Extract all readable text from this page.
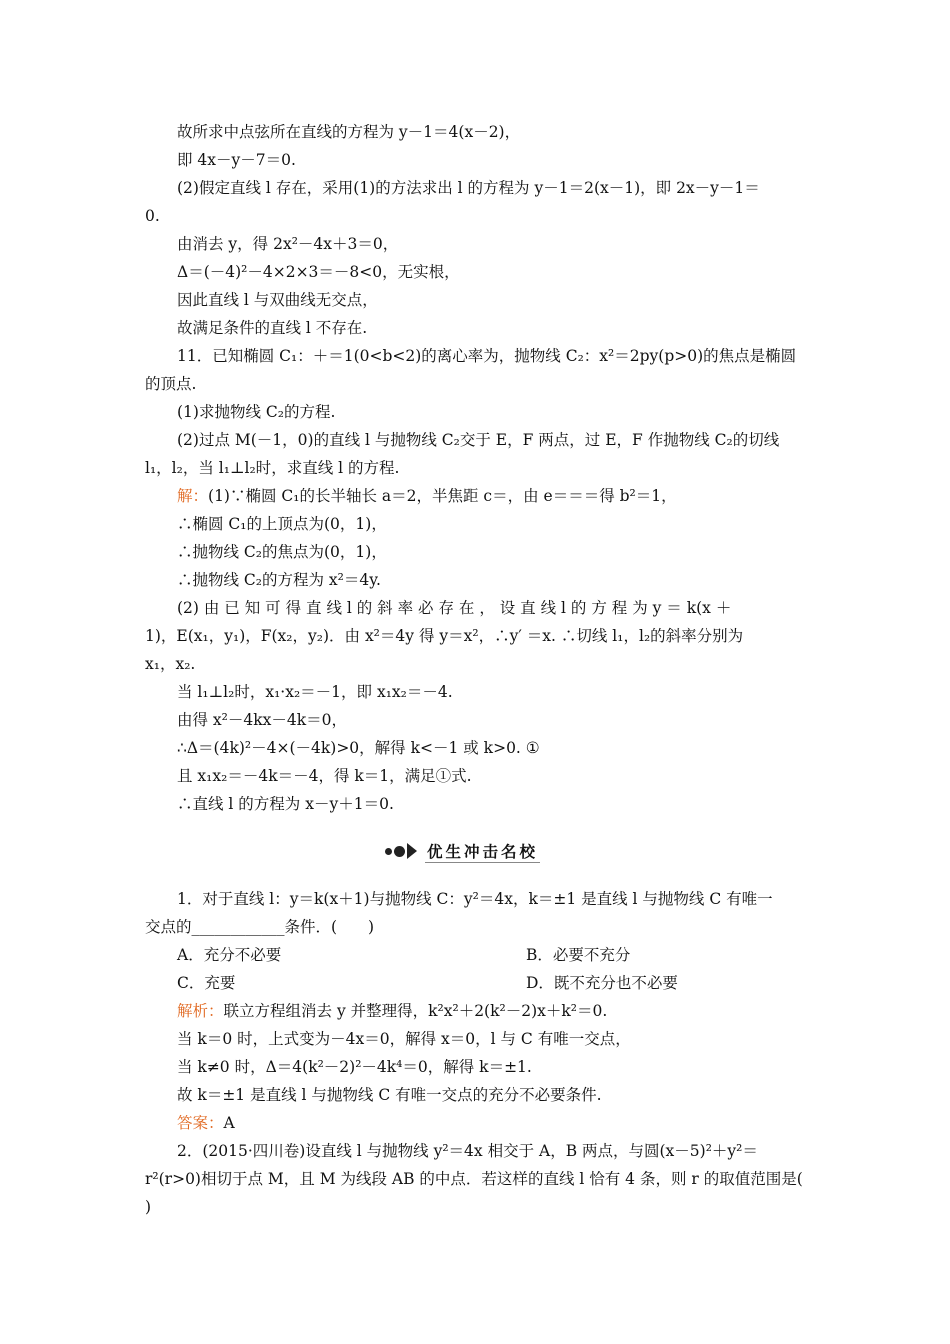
故所求中点弦所在直线的方程为 y－1＝4(x－2)，
即 4x－y－7＝0.
(2)假定直线 l 存在，采用(1)的方法求出 l 的方程为 y－1＝2(x－1)，即 2x－y－1＝
0.
由消去 y，得 2x²－4x＋3＝0，
Δ＝(－4)²－4×2×3＝－8<0，无实根，
因此直线 l 与双曲线无交点，
故满足条件的直线 l 不存在.
11．已知椭圆 C₁：＋＝1(0<b<2)的离心率为，抛物线 C₂：x²＝2py(p>0)的焦点是椭圆
的顶点.
(1)求抛物线 C₂的方程.
(2)过点 M(－1，0)的直线 l 与抛物线 C₂交于 E，F 两点，过 E，F 作抛物线 C₂的切线
l₁，l₂，当 l₁⊥l₂时，求直线 l 的方程.
解：(1)∵椭圆 C₁的长半轴长 a＝2，半焦距 c＝，由 e＝＝＝得 b²＝1，
∴椭圆 C₁的上顶点为(0，1)，
∴抛物线 C₂的焦点为(0，1)，
∴抛物线 C₂的方程为 x²＝4y.
(2) 由 已 知 可 得 直 线 l 的 斜 率 必 存 在 ， 设 直 线 l 的 方 程 为 y ＝ k(x ＋
1)，E(x₁，y₁)，F(x₂，y₂)．由 x²＝4y 得 y＝x²，∴y′ ＝x. ∴切线 l₁，l₂的斜率分别为
x₁，x₂.
当 l₁⊥l₂时，x₁·x₂＝－1，即 x₁x₂＝－4.
由得 x²－4kx－4k＝0，
∴Δ＝(4k)²－4×(－4k)>0，解得 k<－1 或 k>0. ①
且 x₁x₂＝－4k＝－4，得 k＝1，满足①式.
∴直线 l 的方程为 x－y＋1＝0.
优生冲击名校
1．对于直线 l：y＝k(x＋1)与抛物线 C：y²＝4x，k＝±1 是直线 l 与抛物线 C 有唯一
交点的____________条件．(　　)
A．充分不必要	B．必要不充分
C．充要	D．既不充分也不必要
解析：联立方程组消去 y 并整理得，k²x²＋2(k²－2)x＋k²＝0.
当 k＝0 时，上式变为－4x＝0，解得 x＝0，l 与 C 有唯一交点，
当 k≠0 时，Δ＝4(k²－2)²－4k⁴＝0，解得 k＝±1.
故 k＝±1 是直线 l 与抛物线 C 有唯一交点的充分不必要条件.
答案：A
2．(2015·四川卷)设直线 l 与抛物线 y²＝4x 相交于 A，B 两点，与圆(x－5)²＋y²＝
r²(r>0)相切于点 M，且 M 为线段 AB 的中点．若这样的直线 l 恰有 4 条，则 r 的取值范围是(
)
